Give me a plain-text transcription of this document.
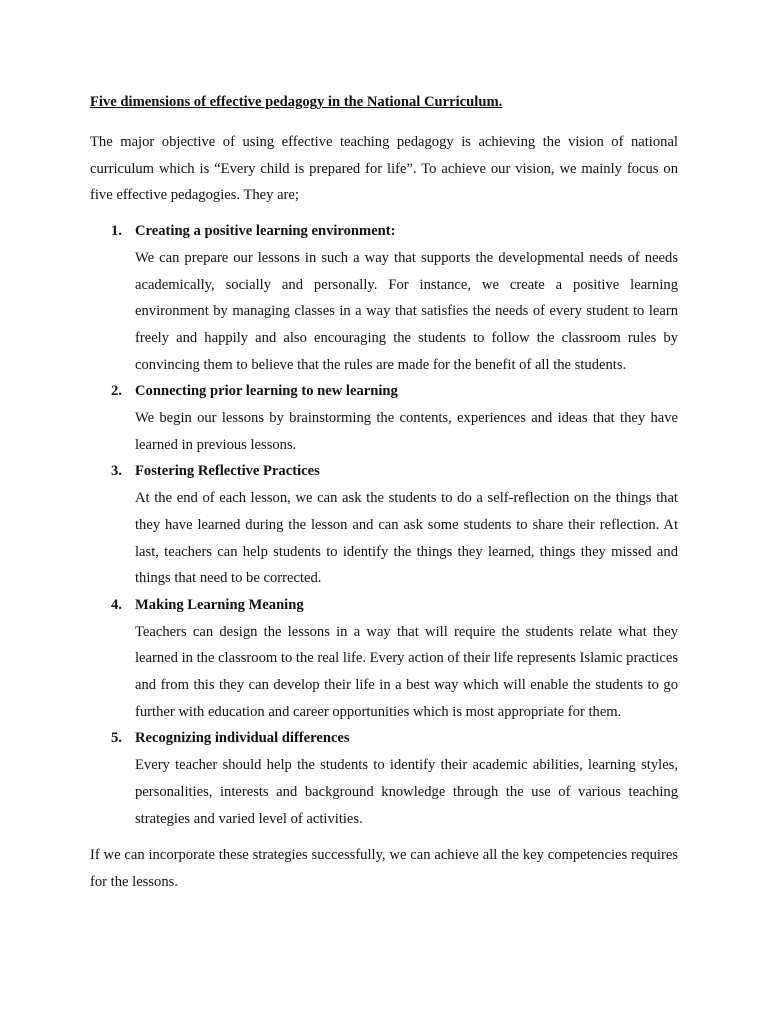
Five dimensions of effective pedagogy in the National Curriculum.

The major objective of using effective teaching pedagogy is achieving the vision of national curriculum which is “Every child is prepared for life”. To achieve our vision, we mainly focus on five effective pedagogies. They are;

1. Creating a positive learning environment:

We can prepare our lessons in such a way that supports the developmental needs of needs academically, socially and personally. For instance, we create a positive learning environment by managing classes in a way that satisfies the needs of every student to learn freely and happily and also encouraging the students to follow the classroom rules by convincing them to believe that the rules are made for the benefit of all the students.

2. Connecting prior learning to new learning

We begin our lessons by brainstorming the contents, experiences and ideas that they have learned in previous lessons.

3. Fostering Reflective Practices

At the end of each lesson, we can ask the students to do a self-reflection on the things that they have learned during the lesson and can ask some students to share their reflection. At last, teachers can help students to identify the things they learned, things they missed and things that need to be corrected.

4. Making Learning Meaning

Teachers can design the lessons in a way that will require the students relate what they learned in the classroom to the real life. Every action of their life represents Islamic practices and from this they can develop their life in a best way which will enable the students to go further with education and career opportunities which is most appropriate for them.

5. Recognizing individual differences

Every teacher should help the students to identify their academic abilities, learning styles, personalities, interests and background knowledge through the use of various teaching strategies and varied level of activities.

If we can incorporate these strategies successfully, we can achieve all the key competencies requires for the lessons.
